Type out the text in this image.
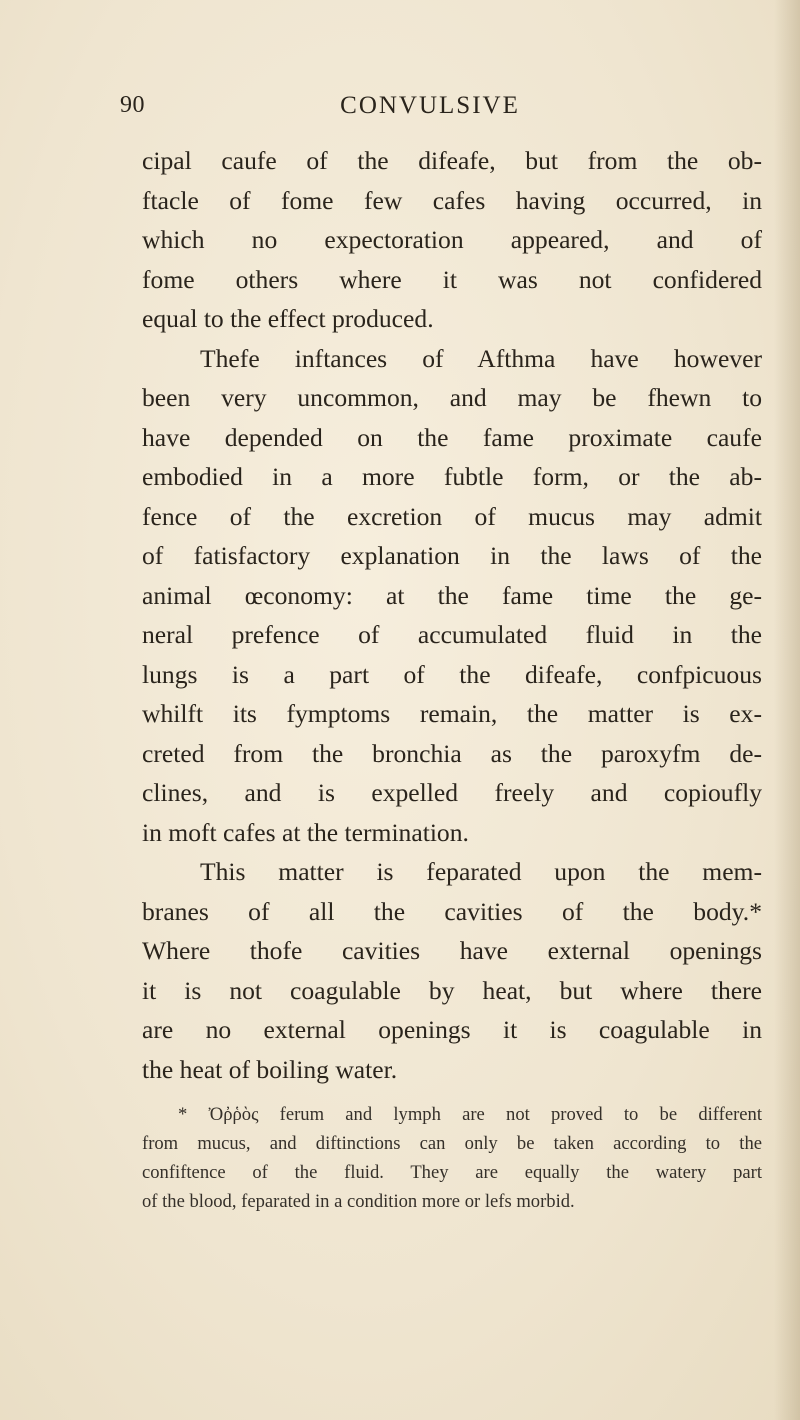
90	CONVULSIVE
cipal caufe of the difeafe, but from the ob-
ftacle of fome few cafes having occurred, in
which no expectoration appeared, and of
fome others where it was not confidered
equal to the effect produced.
Thefe inftances of Afthma have however
been very uncommon, and may be fhewn to
have depended on the fame proximate caufe
embodied in a more fubtle form, or the ab-
fence of the excretion of mucus may admit
of fatisfactory explanation in the laws of the
animal œconomy: at the fame time the ge-
neral prefence of accumulated fluid in the
lungs is a part of the difeafe, confpicuous
whilft its fymptoms remain, the matter is ex-
creted from the bronchia as the paroxyfm de-
clines, and is expelled freely and copioufly
in moft cafes at the termination.
This matter is feparated upon the mem-
branes of all the cavities of the body.*
Where thofe cavities have external openings
it is not coagulable by heat, but where there
are no external openings it is coagulable in
the heat of boiling water.
* Ὀῤῥὸς ferum and lymph are not proved to be different
from mucus, and diftinctions can only be taken according to the
confiftence of the fluid. They are equally the watery part
of the blood, feparated in a condition more or lefs morbid.
